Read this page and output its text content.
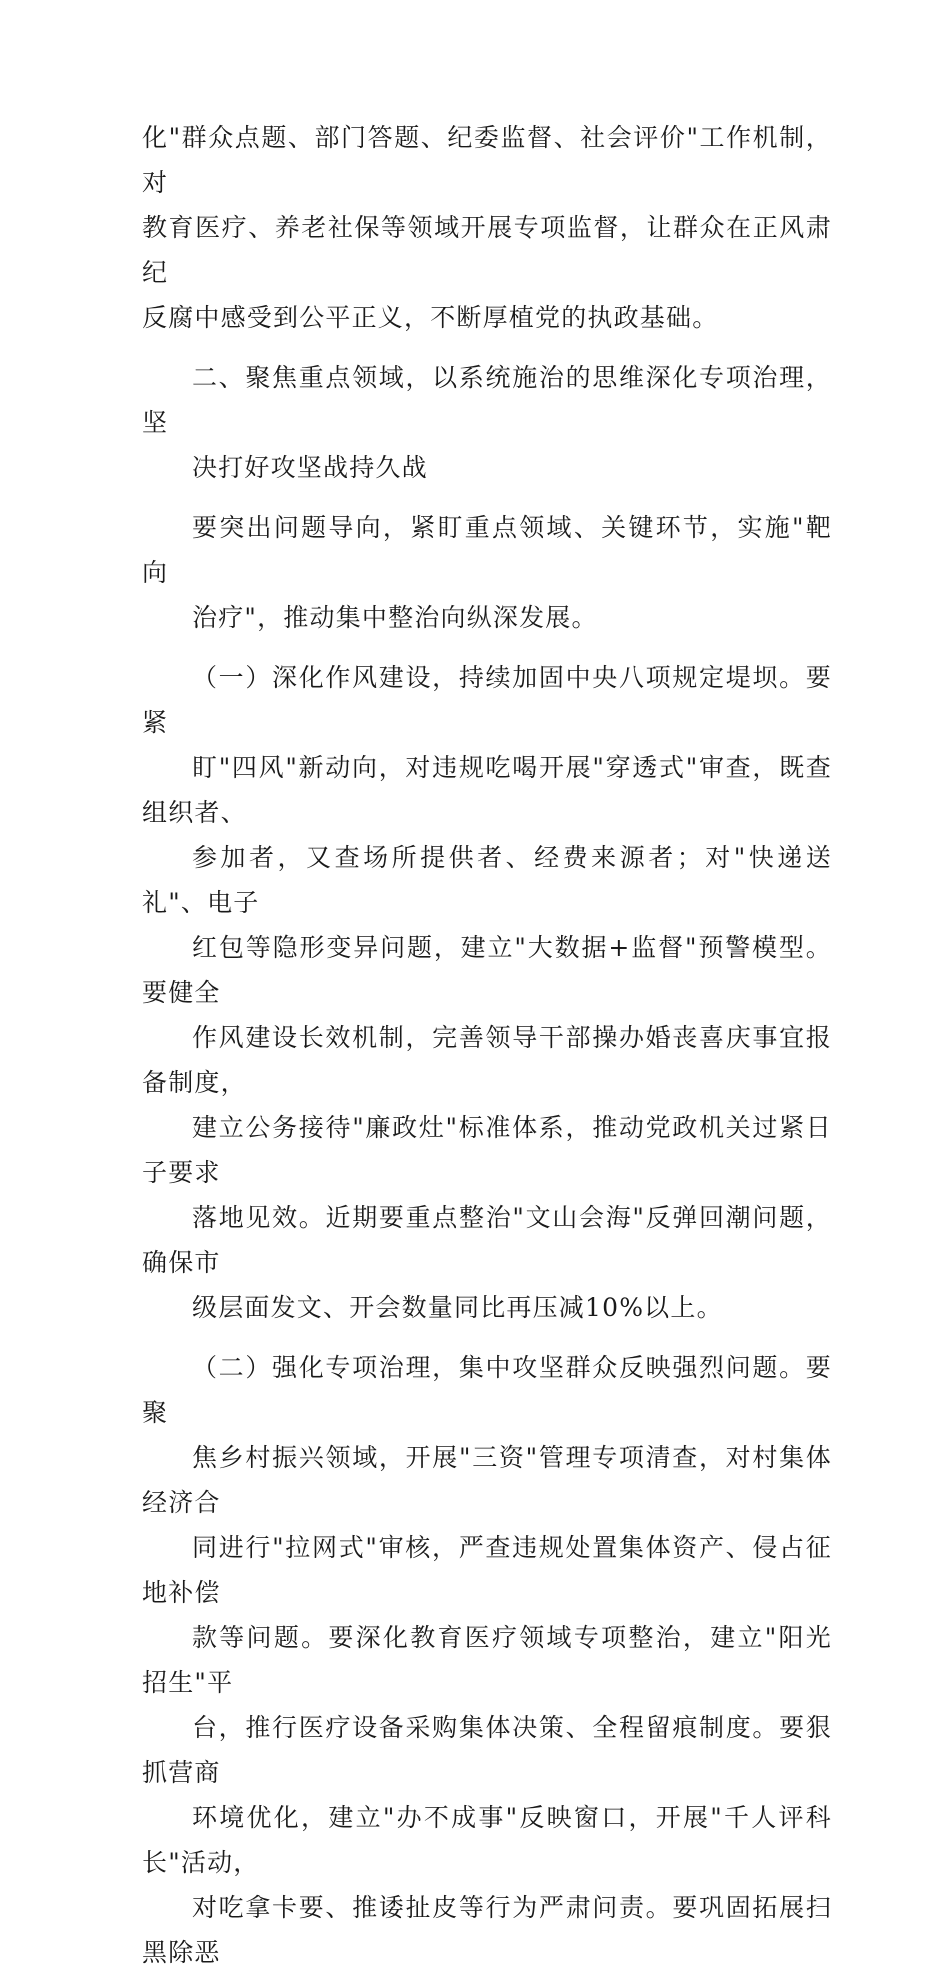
化"群众点题、部门答题、纪委监督、社会评价"工作机制，对
教育医疗、养老社保等领域开展专项监督，让群众在正风肃纪
反腐中感受到公平正义，不断厚植党的执政基础。

二、聚焦重点领域，以系统施治的思维深化专项治理，坚
决打好攻坚战持久战

要突出问题导向，紧盯重点领域、关键环节，实施"靶向
治疗"，推动集中整治向纵深发展。

（一）深化作风建设，持续加固中央八项规定堤坝。要紧
盯"四风"新动向，对违规吃喝开展"穿透式"审查，既查组织者、
参加者，又查场所提供者、经费来源者；对"快递送礼"、电子
红包等隐形变异问题，建立"大数据+监督"预警模型。要健全
作风建设长效机制，完善领导干部操办婚丧喜庆事宜报备制度，
建立公务接待"廉政灶"标准体系，推动党政机关过紧日子要求
落地见效。近期要重点整治"文山会海"反弹回潮问题，确保市
级层面发文、开会数量同比再压减10%以上。

（二）强化专项治理，集中攻坚群众反映强烈问题。要聚
焦乡村振兴领域，开展"三资"管理专项清查，对村集体经济合
同进行"拉网式"审核，严查违规处置集体资产、侵占征地补偿
款等问题。要深化教育医疗领域专项整治，建立"阳光招生"平
台，推行医疗设备采购集体决策、全程留痕制度。要狠抓营商
环境优化，建立"办不成事"反映窗口，开展"千人评科长"活动，
对吃拿卡要、推诿扯皮等行为严肃问责。要巩固拓展扫黑除恶
